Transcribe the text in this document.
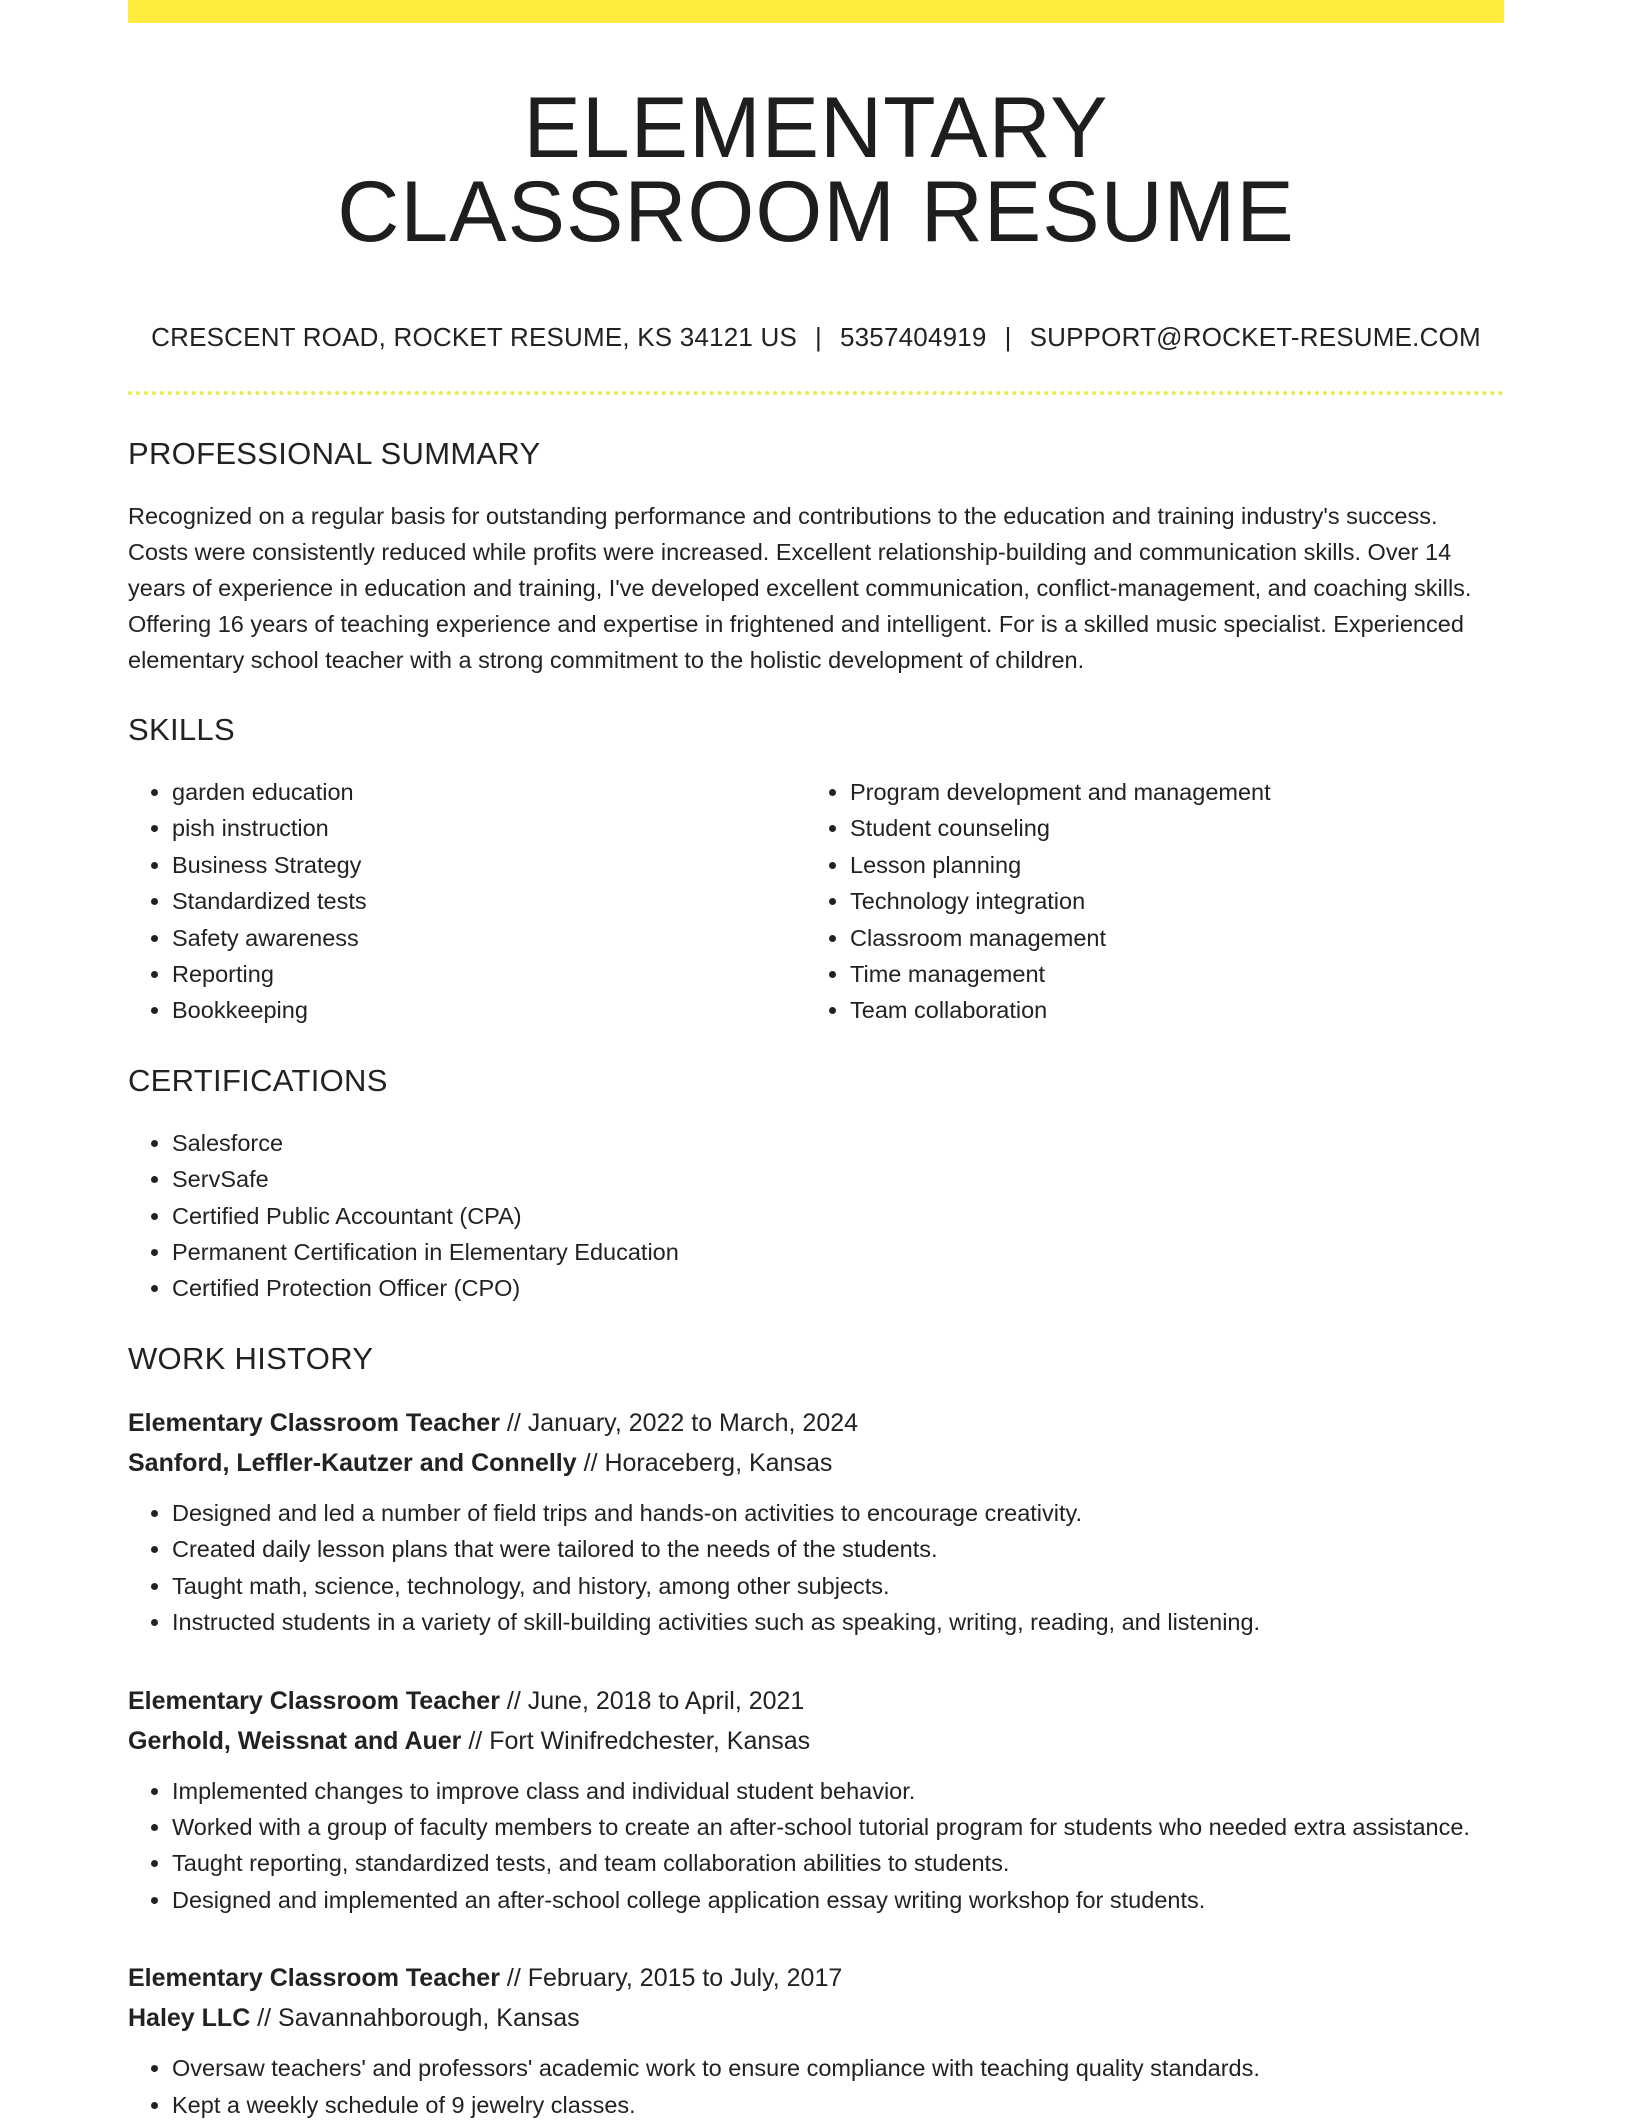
ELEMENTARY
CLASSROOM RESUME
CRESCENT ROAD, ROCKET RESUME, KS 34121 US | 5357404919 | SUPPORT@ROCKET-RESUME.COM
PROFESSIONAL SUMMARY

Recognized on a regular basis for outstanding performance and contributions to the education and training industry's success. Costs were consistently reduced while profits were increased. Excellent relationship-building and communication skills. Over 14 years of experience in education and training, I've developed excellent communication, conflict-management, and coaching skills. Offering 16 years of teaching experience and expertise in frightened and intelligent. For is a skilled music specialist. Experienced elementary school teacher with a strong commitment to the holistic development of children.

SKILLS
• garden education
• pish instruction
• Business Strategy
• Standardized tests
• Safety awareness
• Reporting
• Bookkeeping
• Program development and management
• Student counseling
• Lesson planning
• Technology integration
• Classroom management
• Time management
• Team collaboration
CERTIFICATIONS
• Salesforce
• ServSafe
• Certified Public Accountant (CPA)
• Permanent Certification in Elementary Education
• Certified Protection Officer (CPO)
WORK HISTORY
Elementary Classroom Teacher // January, 2022 to March, 2024
Sanford, Leffler-Kautzer and Connelly // Horaceberg, Kansas
• Designed and led a number of field trips and hands-on activities to encourage creativity.
• Created daily lesson plans that were tailored to the needs of the students.
• Taught math, science, technology, and history, among other subjects.
• Instructed students in a variety of skill-building activities such as speaking, writing, reading, and listening.
Elementary Classroom Teacher // June, 2018 to April, 2021
Gerhold, Weissnat and Auer // Fort Winifredchester, Kansas
• Implemented changes to improve class and individual student behavior.
• Worked with a group of faculty members to create an after-school tutorial program for students who needed extra assistance.
• Taught reporting, standardized tests, and team collaboration abilities to students.
• Designed and implemented an after-school college application essay writing workshop for students.
Elementary Classroom Teacher // February, 2015 to July, 2017
Haley LLC // Savannahborough, Kansas
• Oversaw teachers' and professors' academic work to ensure compliance with teaching quality standards.
• Kept a weekly schedule of 9 jewelry classes.
